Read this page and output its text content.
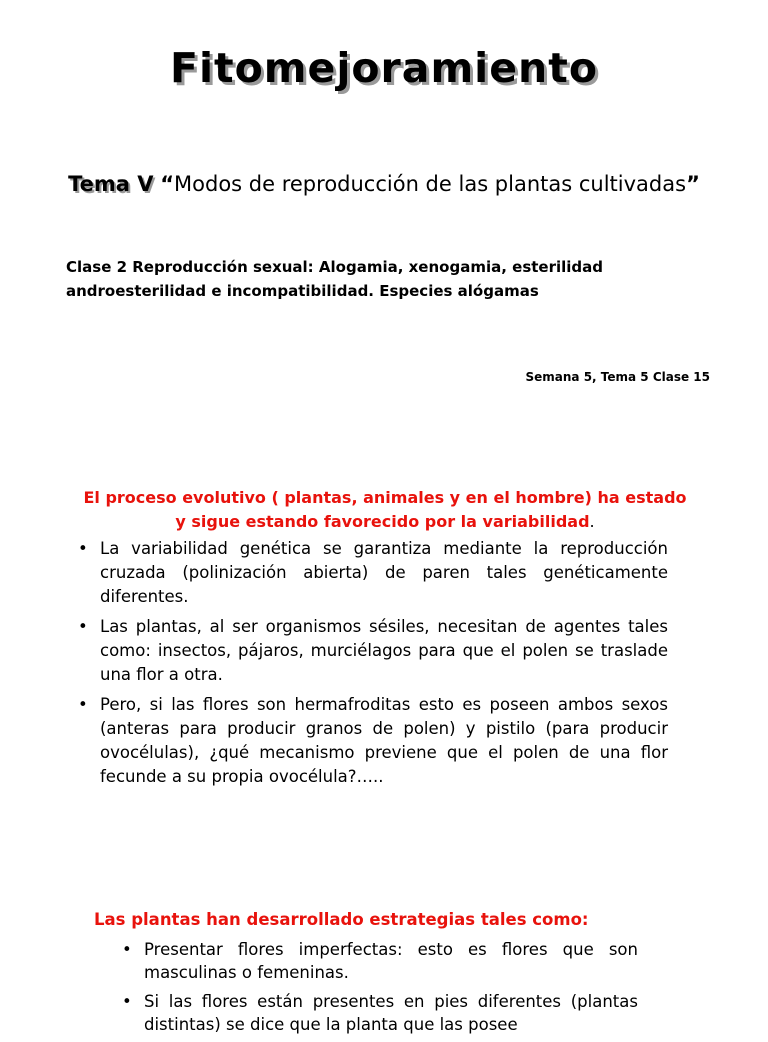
Fitomejoramiento
Tema V “Modos de reproducción de las plantas cultivadas”
Clase 2 Reproducción sexual: Alogamia, xenogamia, esterilidad androesterilidad e incompatibilidad. Especies alógamas
Semana 5, Tema 5 Clase 15
El proceso evolutivo ( plantas, animales y en el hombre) ha estado y sigue estando favorecido por la variabilidad.
• La variabilidad genética se garantiza mediante la reproducción cruzada (polinización abierta) de paren tales genéticamente diferentes.
• Las plantas, al ser organismos sésiles, necesitan de agentes tales como: insectos, pájaros, murciélagos para que el polen se traslade una flor a otra.
• Pero, si las flores son hermafroditas esto es poseen ambos sexos (anteras para producir granos de polen) y pistilo (para producir ovocélulas), ¿qué mecanismo previene que el polen de una flor fecunde a su propia ovocélula?…..
Las plantas han desarrollado estrategias tales como:
• Presentar flores imperfectas: esto es flores que son masculinas o femeninas.
• Si las flores están presentes en pies diferentes (plantas distintas) se dice que la planta que las posee
